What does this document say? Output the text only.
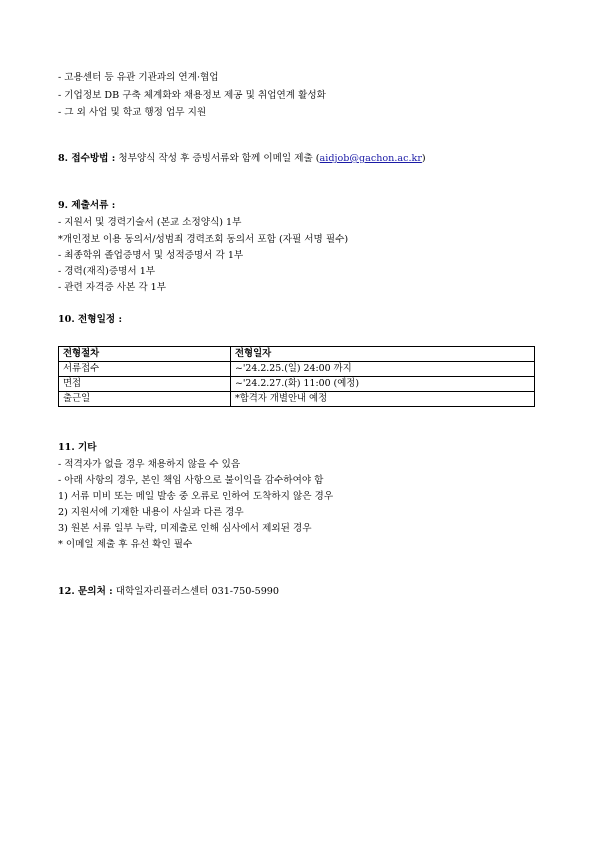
- 고용센터 등 유관 기관과의 연계·협업
- 기업정보 DB 구축 체계화와 채용정보 제공 및 취업연계 활성화
- 그 외 사업 및 학교 행정 업무 지원
8. 접수방법 : 청부양식 작성 후 증빙서류와 함께 이메일 제출 (aidjob@gachon.ac.kr)
9. 제출서류 :
- 지원서 및 경력기술서 (본교 소정양식) 1부
*개인정보 이용 동의서/성범죄 경력조회 동의서 포함 (자필 서명 필수)
- 최종학위 졸업증명서 및 성적증명서 각 1부
- 경력(재직)증명서 1부
- 관련 자격증 사본 각 1부
10. 전형일정 :
전형절차	전형일자
서류접수	~'24.2.25.(일) 24:00 까지
면접	~'24.2.27.(화) 11:00 (예정)
출근일	*합격자 개별안내 예정
11. 기타
- 적격자가 없을 경우 채용하지 않을 수 있음
- 아래 사항의 경우, 본인 책임 사항으로 불이익을 감수하여야 함
1) 서류 미비 또는 메일 발송 중 오류로 인하여 도착하지 않은 경우
2) 지원서에 기재한 내용이 사실과 다른 경우
3) 원본 서류 일부 누락, 미제출로 인해 심사에서 제외된 경우
* 이메일 제출 후 유선 확인 필수
12. 문의처 : 대학일자리플러스센터 031-750-5990
